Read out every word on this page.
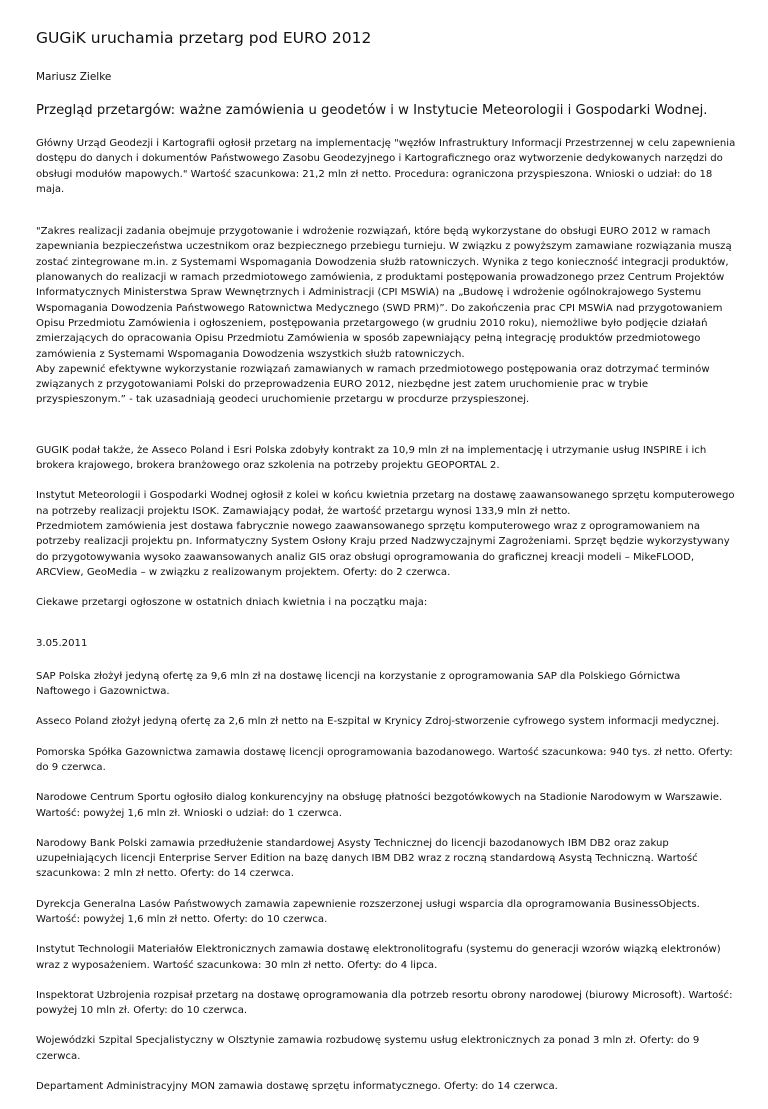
GUGiK uruchamia przetarg pod EURO 2012
Mariusz Zielke
Przegląd przetargów: ważne zamówienia u geodetów i w Instytucie Meteorologii i Gospodarki Wodnej.
Główny Urząd Geodezji i Kartografii ogłosił przetarg na implementację "węzłów Infrastruktury Informacji Przestrzennej w celu zapewnienia dostępu do danych i dokumentów Państwowego Zasobu Geodezyjnego i Kartograficznego oraz wytworzenie dedykowanych narzędzi do obsługi modułów mapowych." Wartość szacunkowa: 21,2 mln zł netto. Procedura: ograniczona przyspieszona. Wnioski o udział: do 18 maja.
"Zakres realizacji zadania obejmuje przygotowanie i wdrożenie rozwiązań, które będą wykorzystane do obsługi EURO 2012 w ramach zapewniania bezpieczeństwa uczestnikom oraz bezpiecznego przebiegu turnieju. W związku z powyższym zamawiane rozwiązania muszą zostać zintegrowane m.in. z Systemami Wspomagania Dowodzenia służb ratowniczych. Wynika z tego konieczność integracji produktów, planowanych do realizacji w ramach przedmiotowego zamówienia, z produktami postępowania prowadzonego przez Centrum Projektów Informatycznych Ministerstwa Spraw Wewnętrznych i Administracji (CPI MSWiA) na „Budowę i wdrożenie ogólnokrajowego Systemu Wspomagania Dowodzenia Państwowego Ratownictwa Medycznego (SWD PRM)”. Do zakończenia prac CPI MSWiA nad przygotowaniem Opisu Przedmiotu Zamówienia i ogłoszeniem, postępowania przetargowego (w grudniu 2010 roku), niemożliwe było podjęcie działań zmierzających do opracowania Opisu Przedmiotu Zamówienia w sposób zapewniający pełną integrację produktów przedmiotowego zamówienia z Systemami Wspomagania Dowodzenia wszystkich służb ratowniczych.
Aby zapewnić efektywne wykorzystanie rozwiązań zamawianych w ramach przedmiotowego postępowania oraz dotrzymać terminów związanych z przygotowaniami Polski do przeprowadzenia EURO 2012, niezbędne jest zatem uruchomienie prac w trybie przyspieszonym.” - tak uzasadniają geodeci uruchomienie przetargu w procdurze przyspieszonej.
GUGIK podał także, że Asseco Poland i Esri Polska zdobyły kontrakt za 10,9 mln zł na implementację i utrzymanie usług INSPIRE i ich brokera krajowego, brokera branżowego oraz szkolenia na potrzeby projektu GEOPORTAL 2.
Instytut Meteorologii i Gospodarki Wodnej ogłosił z kolei w końcu kwietnia przetarg na dostawę zaawansowanego sprzętu komputerowego na potrzeby realizacji projektu ISOK. Zamawiający podał, że wartość przetargu wynosi 133,9 mln zł netto.
Przedmiotem zamówienia jest dostawa fabrycznie nowego zaawansowanego sprzętu komputerowego wraz z oprogramowaniem na potrzeby realizacji projektu pn. Informatyczny System Osłony Kraju przed Nadzwyczajnymi Zagrożeniami. Sprzęt będzie wykorzystywany do przygotowywania wysoko zaawansowanych analiz GIS oraz obsługi oprogramowania do graficznej kreacji modeli – MikeFLOOD, ARCView, GeoMedia – w związku z realizowanym projektem. Oferty: do 2 czerwca.
Ciekawe przetargi ogłoszone w ostatnich dniach kwietnia i na początku maja:
3.05.2011
SAP Polska złożył jedyną ofertę za 9,6 mln zł na dostawę licencji na korzystanie z oprogramowania SAP dla Polskiego Górnictwa Naftowego i Gazownictwa.
Asseco Poland złożył jedyną ofertę za 2,6 mln zł netto na E-szpital w Krynicy Zdroj-stworzenie cyfrowego system informacji medycznej.
Pomorska Spółka Gazownictwa zamawia dostawę licencji oprogramowania bazodanowego. Wartość szacunkowa: 940 tys. zł netto. Oferty: do 9 czerwca.
Narodowe Centrum Sportu ogłosiło dialog konkurencyjny na obsługę płatności bezgotówkowych na Stadionie Narodowym w Warszawie. Wartość: powyżej 1,6 mln zł. Wnioski o udział: do 1 czerwca.
Narodowy Bank Polski zamawia przedłużenie standardowej Asysty Technicznej do licencji bazodanowych IBM DB2 oraz zakup uzupełniających licencji Enterprise Server Edition na bazę danych IBM DB2 wraz z roczną standardową Asystą Techniczną. Wartość szacunkowa: 2 mln zł netto. Oferty: do 14 czerwca.
Dyrekcja Generalna Lasów Państwowych zamawia zapewnienie rozszerzonej usługi wsparcia dla oprogramowania BusinessObjects. Wartość: powyżej 1,6 mln zł netto. Oferty: do 10 czerwca.
Instytut Technologii Materiałów Elektronicznych zamawia dostawę elektronolitografu (systemu do generacji wzorów wiązką elektronów) wraz z wyposażeniem. Wartość szacunkowa: 30 mln zł netto. Oferty: do 4 lipca.
Inspektorat Uzbrojenia rozpisał przetarg na dostawę oprogramowania dla potrzeb resortu obrony narodowej (biurowy Microsoft). Wartość: powyżej 10 mln zł. Oferty: do 10 czerwca.
Wojewódzki Szpital Specjalistyczny w Olsztynie zamawia rozbudowę systemu usług elektronicznych za ponad 3 mln zł. Oferty: do 9 czerwca.
Departament Administracyjny MON zamawia dostawę sprzętu informatycznego. Oferty: do 14 czerwca.
